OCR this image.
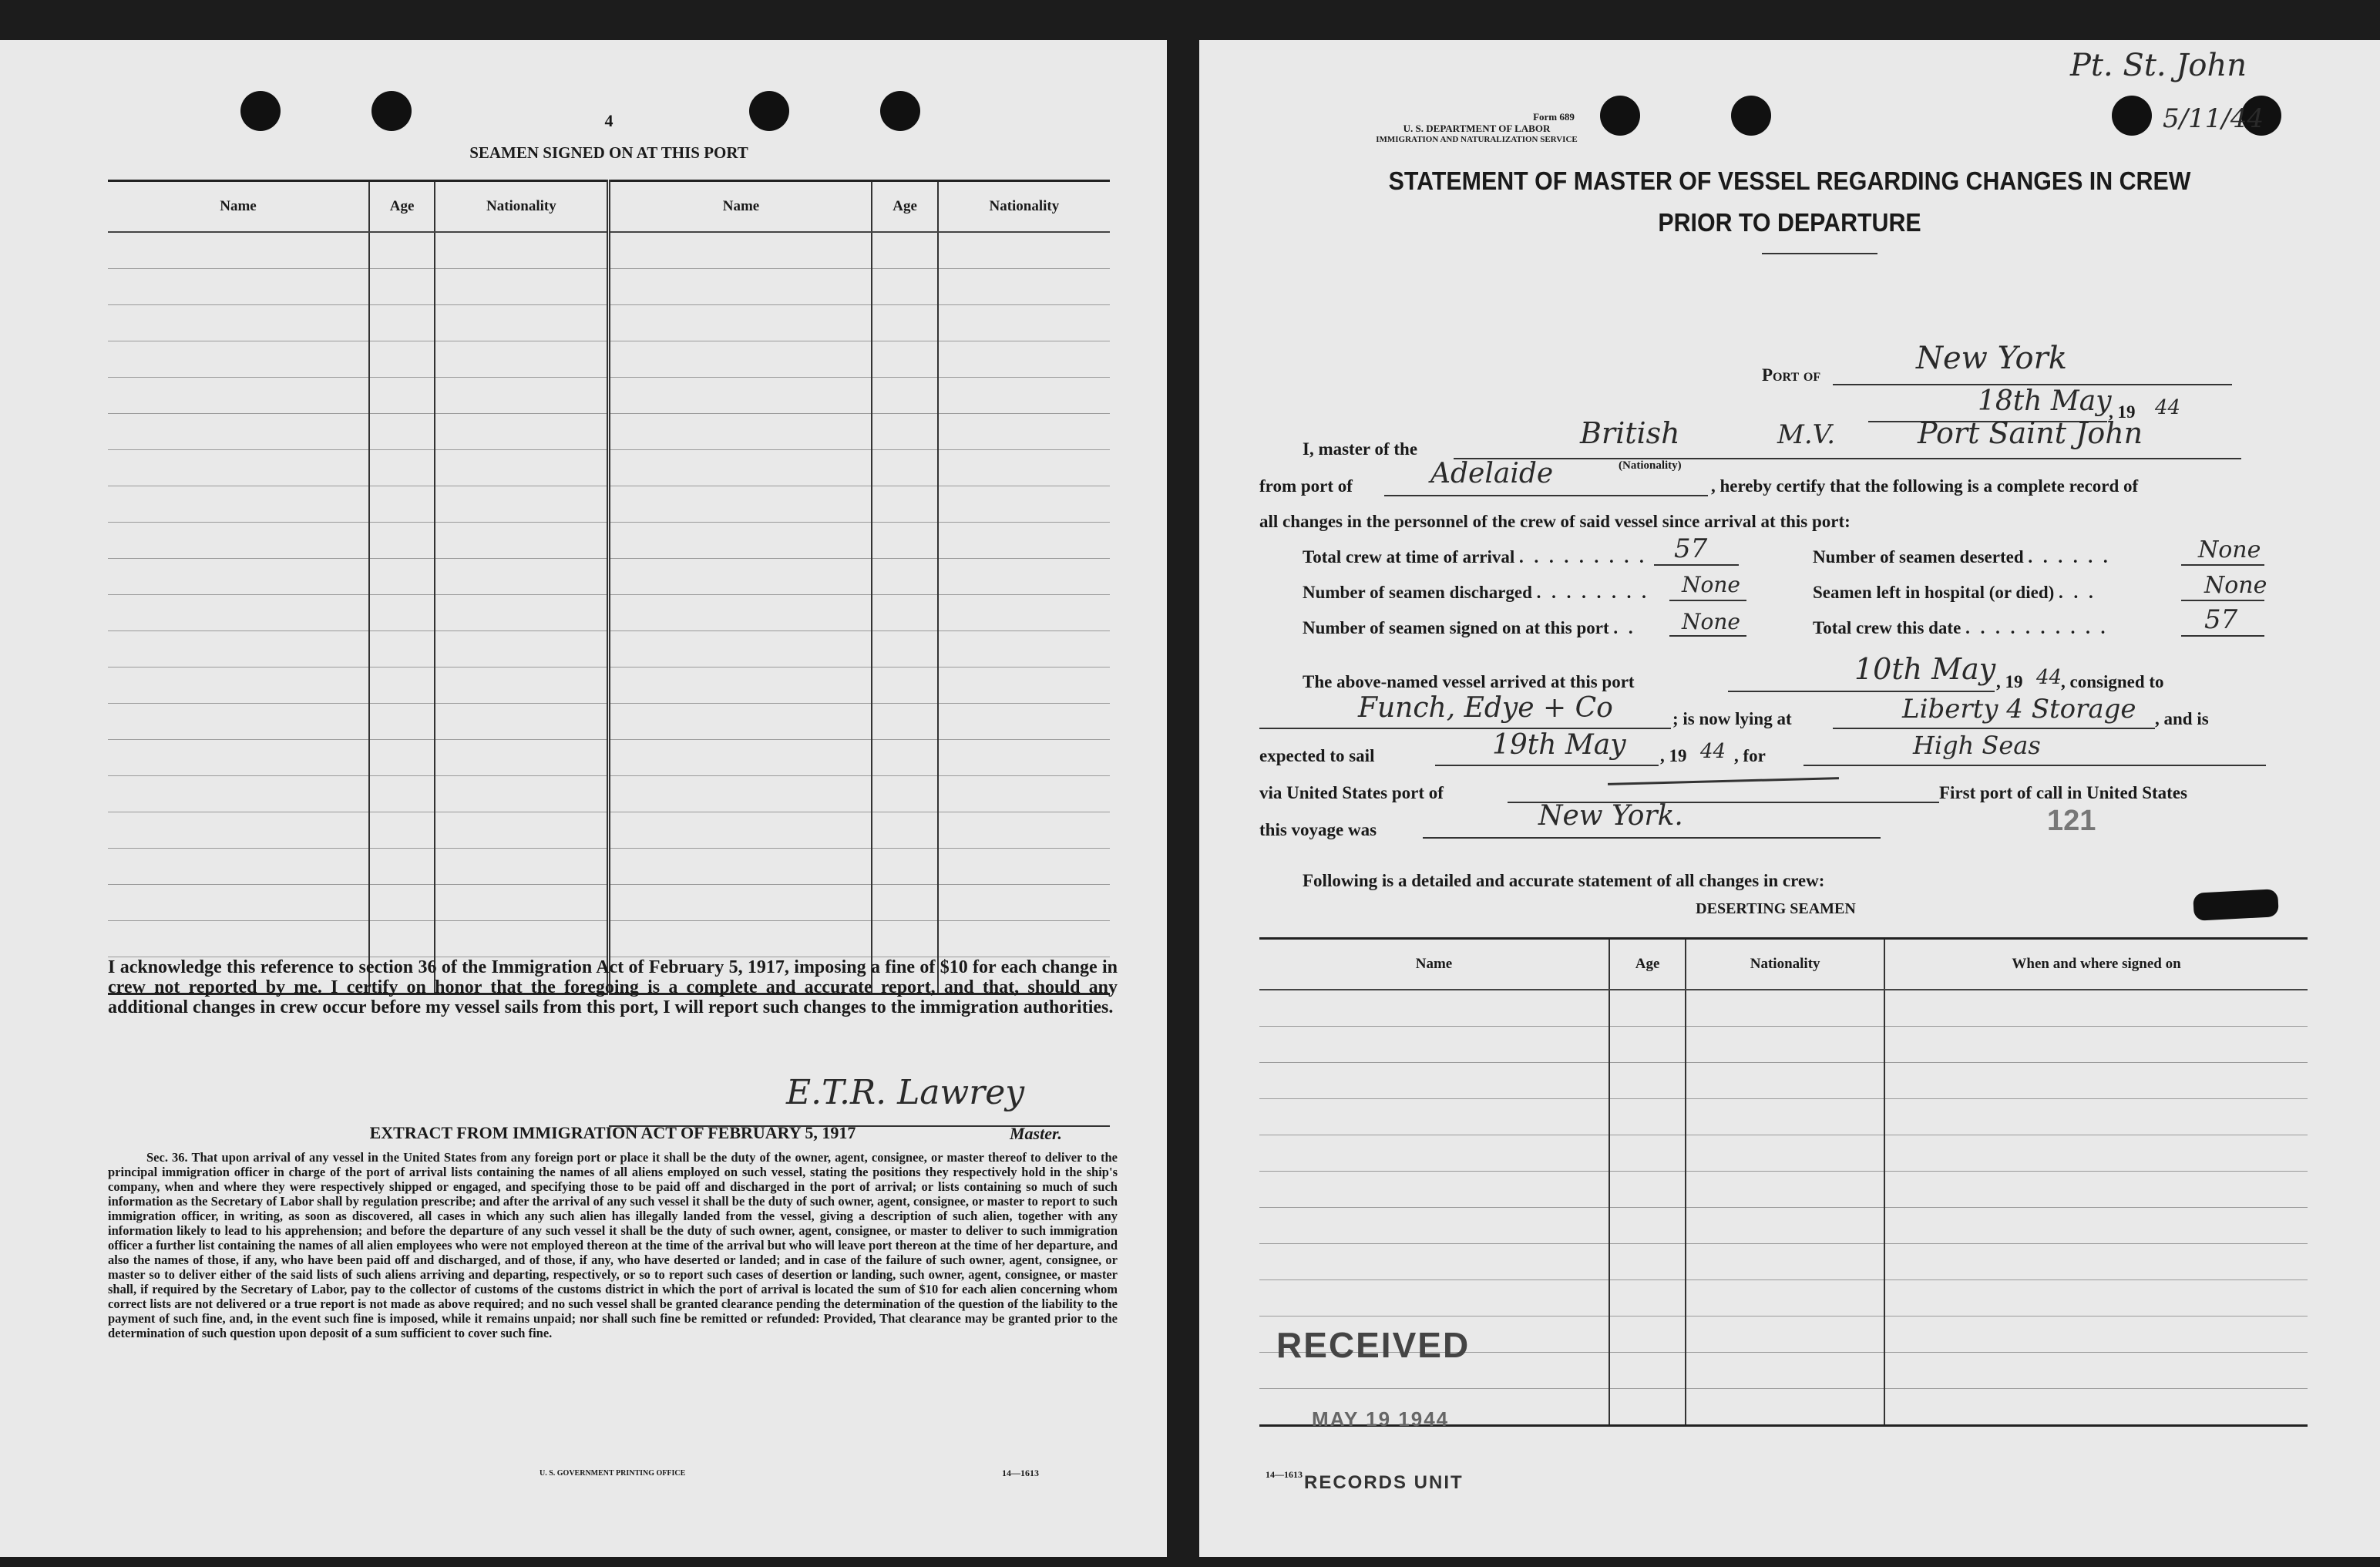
4
SEAMEN SIGNED ON AT THIS PORT
Name	Age	Nationality	Name	Age	Nationality

I acknowledge this reference to section 36 of the Immigration Act of February 5, 1917, imposing a fine of $10 for each change in crew not reported by me. I certify on honor that the foregoing is a complete and accurate report, and that, should any additional changes in crew occur before my vessel sails from this port, I will report such changes to the immigration authorities.
E.T.R. Lawrey
Master.
EXTRACT FROM IMMIGRATION ACT OF FEBRUARY 5, 1917
Sec. 36. That upon arrival of any vessel in the United States from any foreign port or place it shall be the duty of the owner, agent, consignee, or master thereof to deliver to the principal immigration officer in charge of the port of arrival lists containing the names of all aliens employed on such vessel, stating the positions they respectively hold in the ship's company, when and where they were respectively shipped or engaged, and specifying those to be paid off and discharged in the port of arrival; or lists containing so much of such information as the Secretary of Labor shall by regulation prescribe; and after the arrival of any such vessel it shall be the duty of such owner, agent, consignee, or master to report to such immigration officer, in writing, as soon as discovered, all cases in which any such alien has illegally landed from the vessel, giving a description of such alien, together with any information likely to lead to his apprehension; and before the departure of any such vessel it shall be the duty of such owner, agent, consignee, or master to deliver to such immigration officer a further list containing the names of all alien employees who were not employed thereon at the time of the arrival but who will leave port thereon at the time of her departure, and also the names of those, if any, who have been paid off and discharged, and of those, if any, who have deserted or landed; and in case of the failure of such owner, agent, consignee, or master so to deliver either of the said lists of such aliens arriving and departing, respectively, or so to report such cases of desertion or landing, such owner, agent, consignee, or master shall, if required by the Secretary of Labor, pay to the collector of customs of the customs district in which the port of arrival is located the sum of $10 for each alien concerning whom correct lists are not delivered or a true report is not made as above required; and no such vessel shall be granted clearance pending the determination of the question of the liability to the payment of such fine, and, in the event such fine is imposed, while it remains unpaid; nor shall such fine be remitted or refunded: Provided, That clearance may be granted prior to the determination of such question upon deposit of a sum sufficient to cover such fine.
U. S. GOVERNMENT PRINTING OFFICE	14—1613
Pt. St. John
5/11/44
Form 689
U. S. DEPARTMENT OF LABOR
IMMIGRATION AND NATURALIZATION SERVICE
STATEMENT OF MASTER OF VESSEL REGARDING CHANGES IN CREW
PRIOR TO DEPARTURE
Port of	New York
18th May
, 19 44
I, master of the	British
(Nationality)
M.V.	Port Saint John
from port of	Adelaide	, hereby certify that the following is a complete record of
all changes in the personnel of the crew of said vessel since arrival at this port:
Total crew at time of arrival . . . . . . . . . 57	Number of seamen deserted . . . . . .	None
Number of seamen discharged . . . . . . . . None	Seamen left in hospital (or died) . . .	None
Number of seamen signed on at this port . . None	Total crew this date . . . . . . . . . .	57
The above-named vessel arrived at this port	10th May , 19 44
, consigned to
Funch, Edye + Co	; is now lying at	Liberty 4 Storage , and is
expected to sail	19th May , 19 44 , for	High Seas
via United States port of	First port of call in United States
this voyage was	New York.	121
Following is a detailed and accurate statement of all changes in crew:
DESERTING SEAMEN
Name	Age	Nationality	When and where signed on

RECEIVED
MAY 19 1944
14—1613 RECORDS UNIT
